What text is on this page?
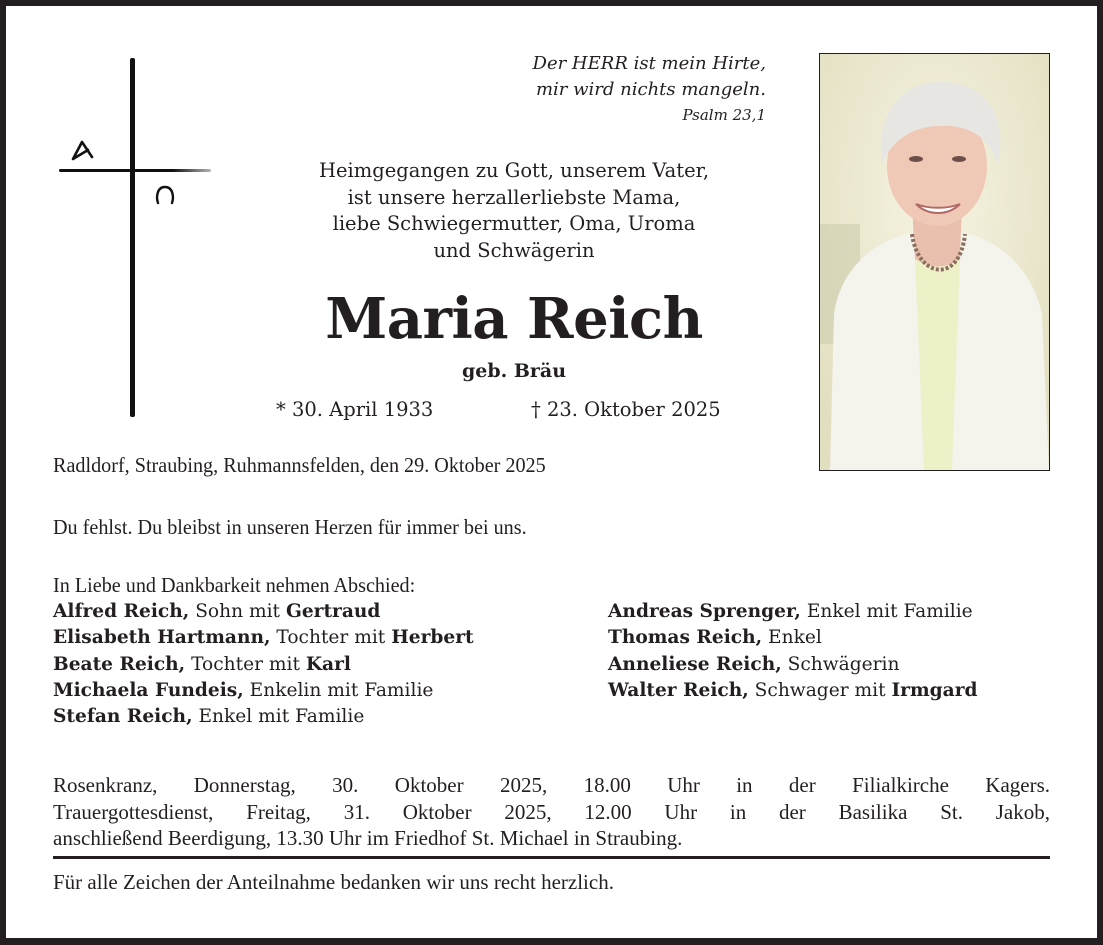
Der HERR ist mein Hirte,
mir wird nichts mangeln.
Psalm 23,1
Heimgegangen zu Gott, unserem Vater,
ist unsere herzallerliebste Mama,
liebe Schwiegermutter, Oma, Uroma
und Schwägerin
Maria Reich
geb. Bräu
* 30. April 1933	† 23. Oktober 2025
Radldorf, Straubing, Ruhmannsfelden, den 29. Oktober 2025
Du fehlst. Du bleibst in unseren Herzen für immer bei uns.
In Liebe und Dankbarkeit nehmen Abschied:
Alfred Reich, Sohn mit Gertraud
Elisabeth Hartmann, Tochter mit Herbert
Beate Reich, Tochter mit Karl
Michaela Fundeis, Enkelin mit Familie
Stefan Reich, Enkel mit Familie
Andreas Sprenger, Enkel mit Familie
Thomas Reich, Enkel
Anneliese Reich, Schwägerin
Walter Reich, Schwager mit Irmgard
Rosenkranz, Donnerstag, 30. Oktober 2025, 18.00 Uhr in der Filialkirche Kagers.
Trauergottesdienst, Freitag, 31. Oktober 2025, 12.00 Uhr in der Basilika St. Jakob,
anschließend Beerdigung, 13.30 Uhr im Friedhof St. Michael in Straubing.
Für alle Zeichen der Anteilnahme bedanken wir uns recht herzlich.
